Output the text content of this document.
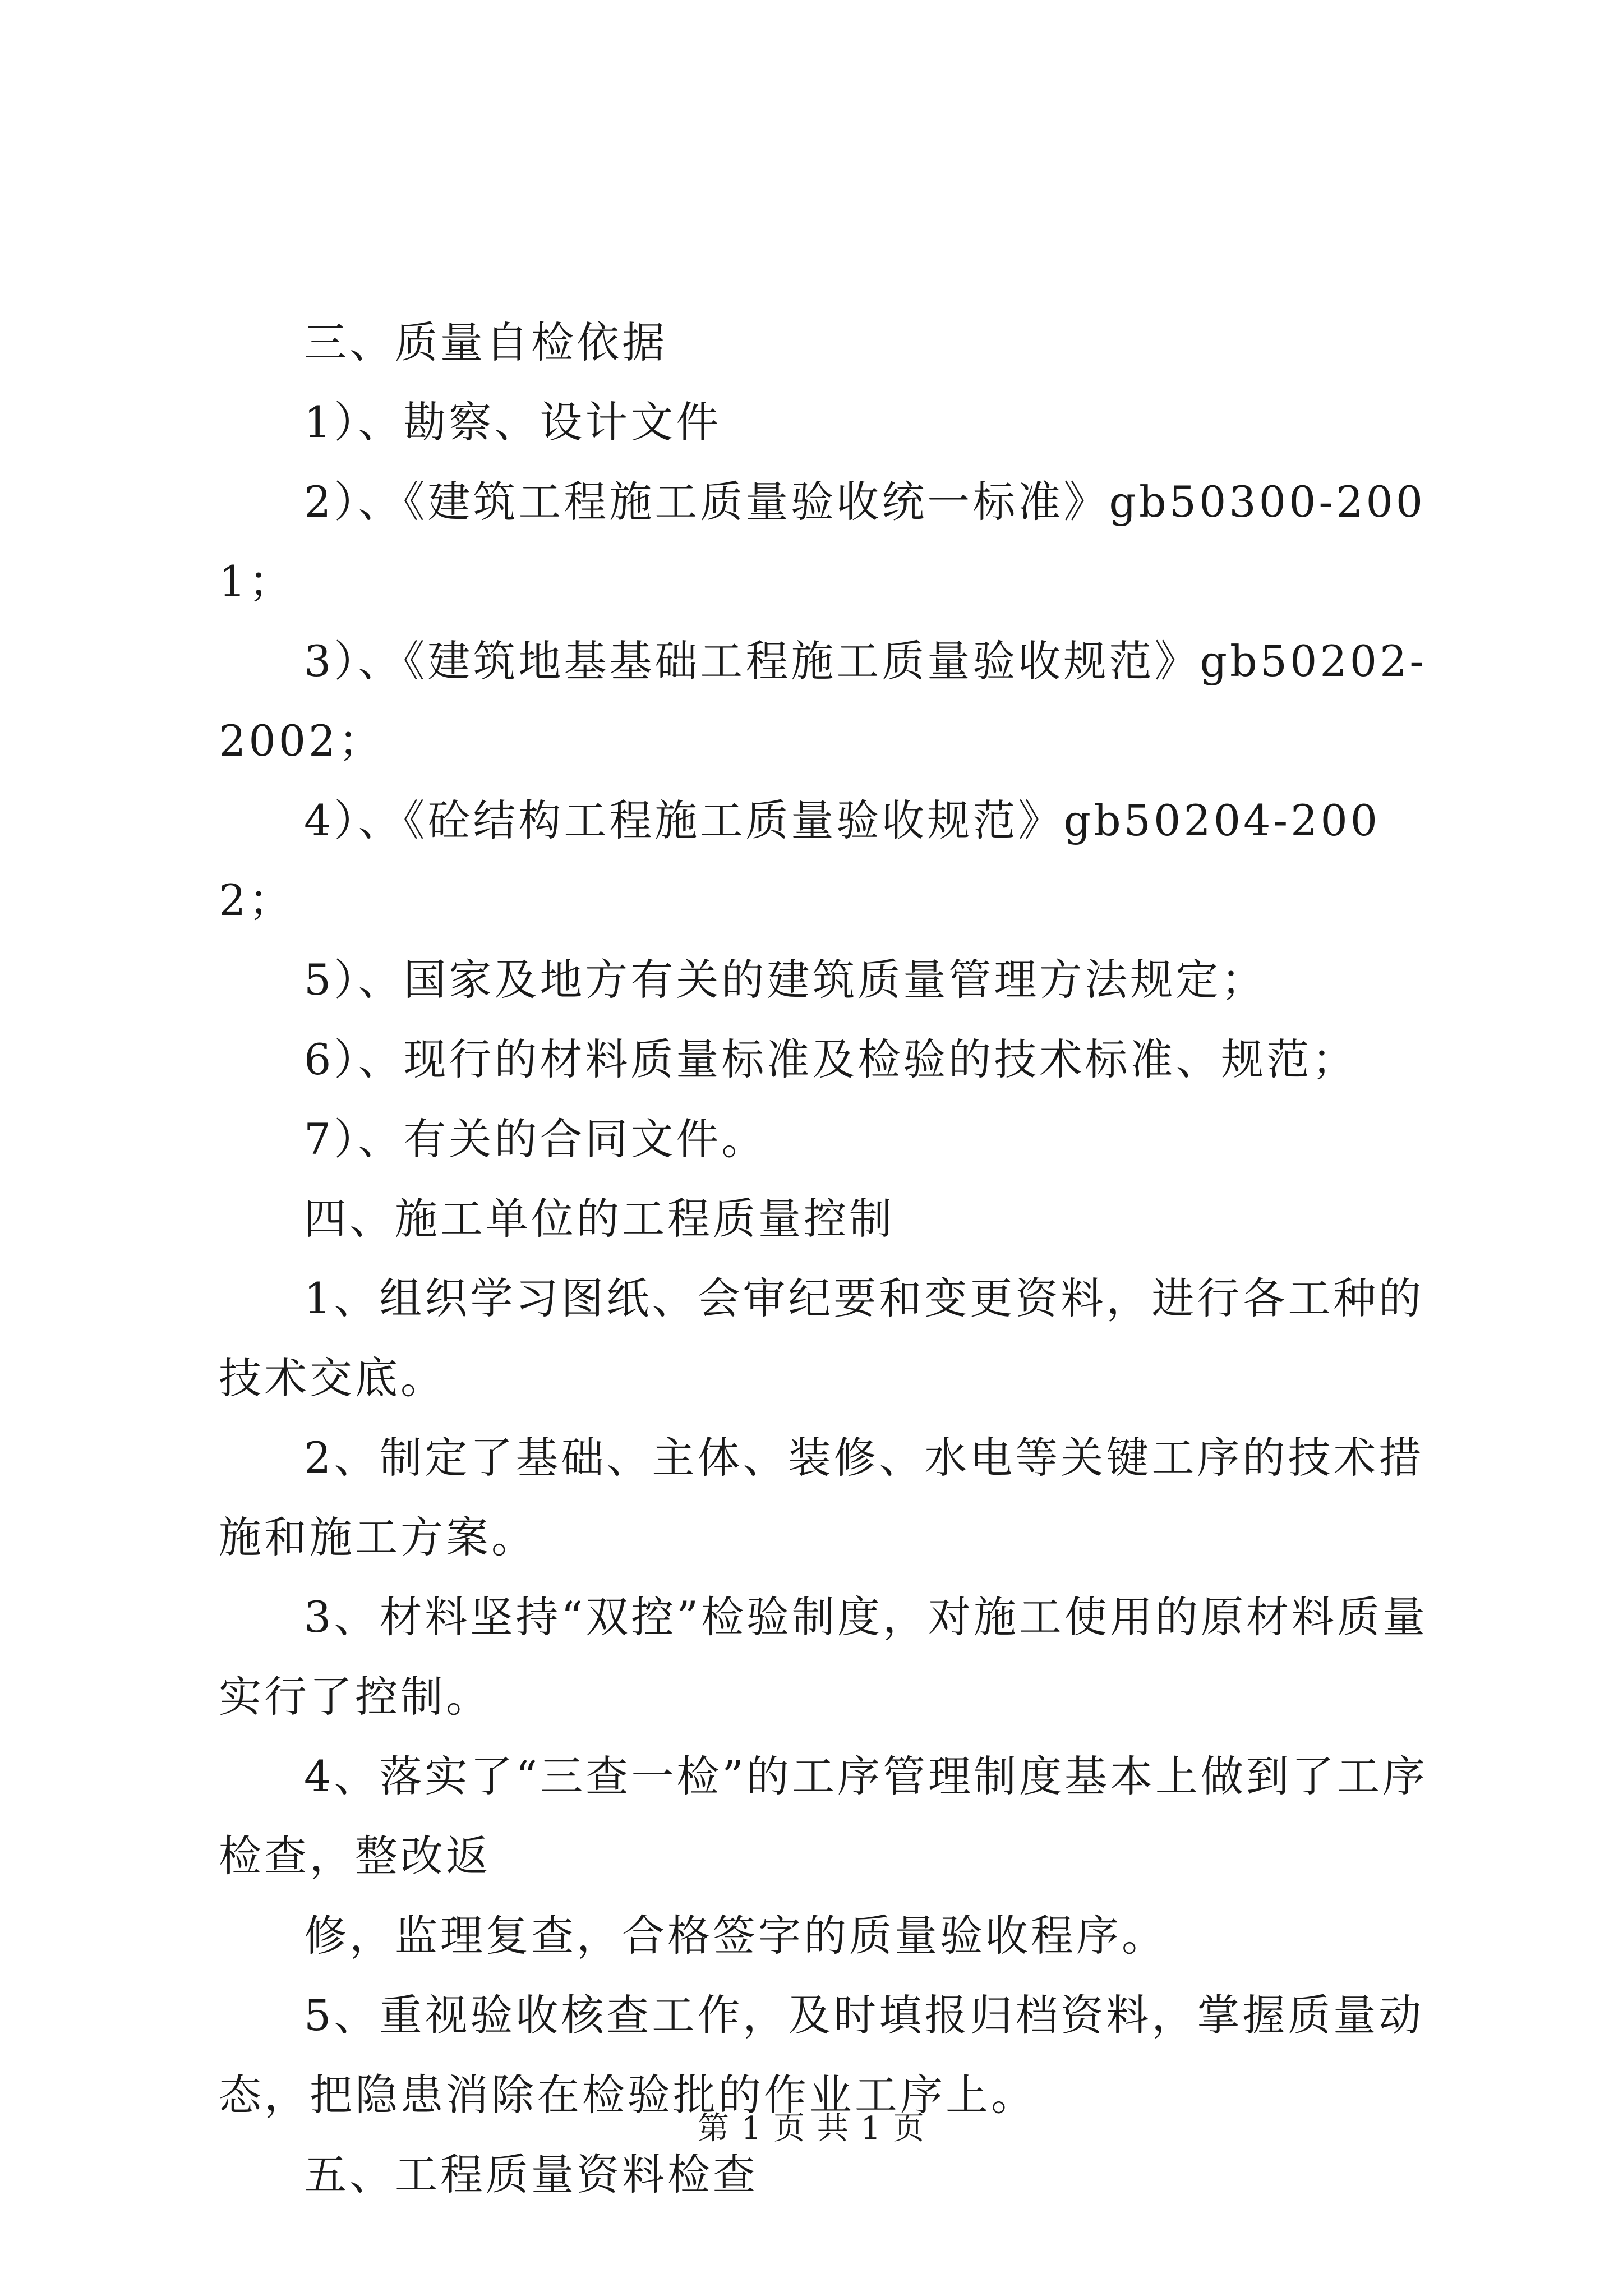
三、质量自检依据

1）、勘察、设计文件

2）、《建筑工程施工质量验收统一标准》gb50300-2001；

3）、《建筑地基基础工程施工质量验收规范》gb50202-2002；

4）、《砼结构工程施工质量验收规范》gb50204-2002；

5）、国家及地方有关的建筑质量管理方法规定；

6）、现行的材料质量标准及检验的技术标准、规范；

7）、有关的合同文件。

四、施工单位的工程质量控制

1、组织学习图纸、会审纪要和变更资料，进行各工种的技术交底。

2、制定了基础、主体、装修、水电等关键工序的技术措施和施工方案。

3、材料坚持“双控”检验制度，对施工使用的原材料质量实行了控制。

4、落实了“三查一检”的工序管理制度基本上做到了工序检查，整改返

修，监理复查，合格签字的质量验收程序。

5、重视验收核查工作，及时填报归档资料，掌握质量动态，把隐患消除在检验批的作业工序上。

五、工程质量资料检查

第 1 页 共 1 页
